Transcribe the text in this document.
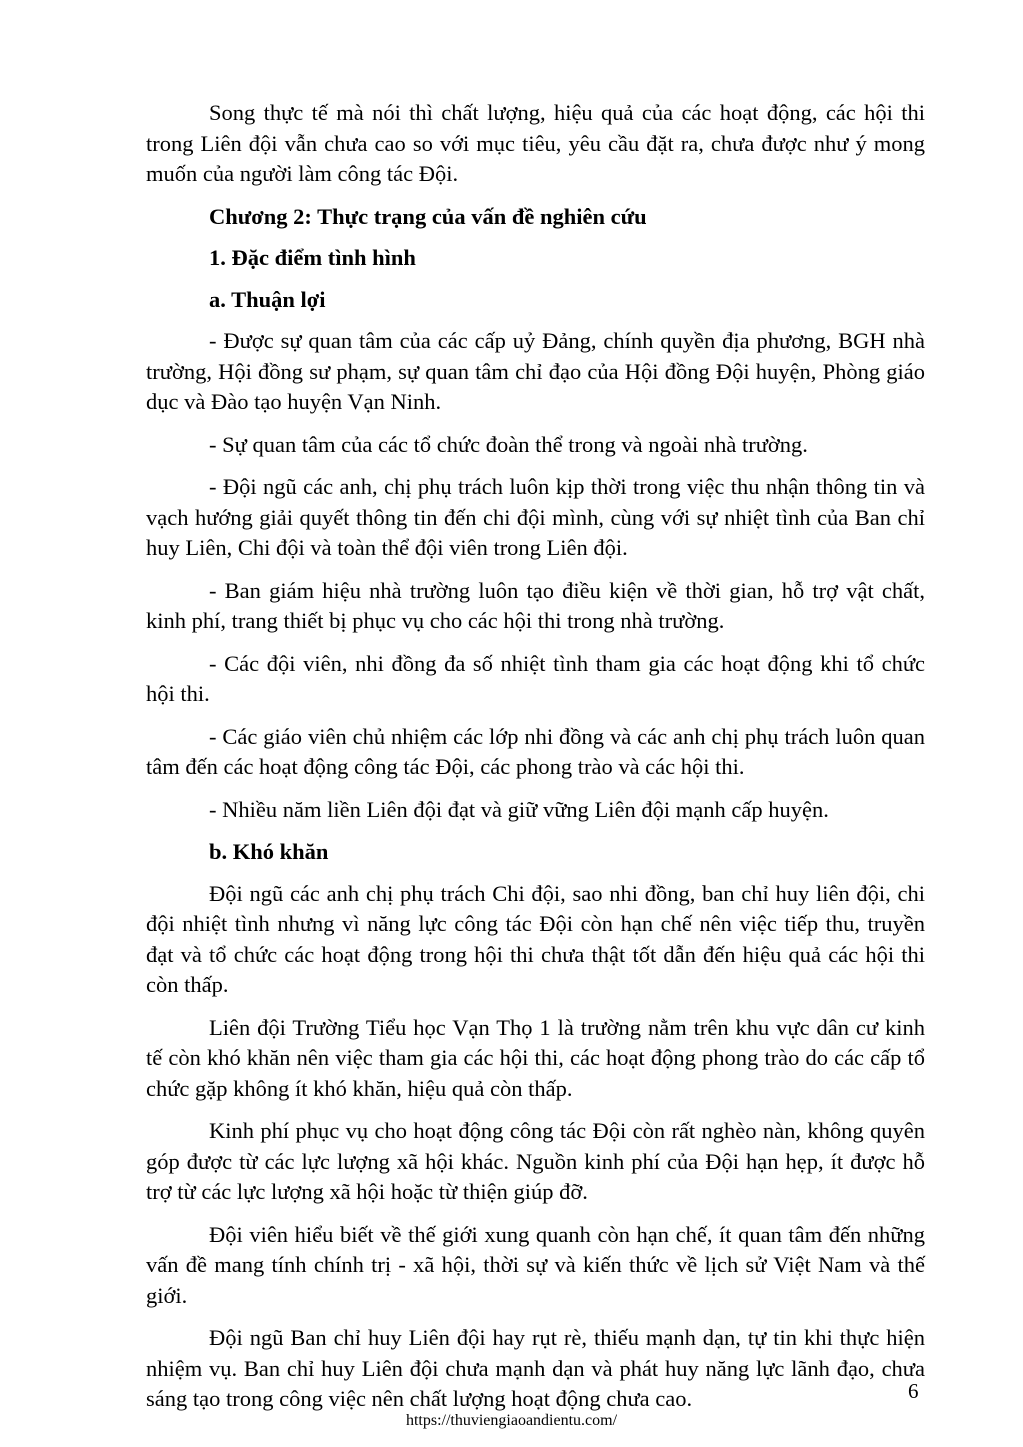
Song thực tế mà nói thì chất lượng, hiệu quả của các hoạt động, các hội thi trong Liên đội vẫn chưa cao so với mục tiêu, yêu cầu đặt ra, chưa được như ý mong muốn của người làm công tác Đội.

Chương 2: Thực trạng của vấn đề nghiên cứu

1. Đặc điểm tình hình

a. Thuận lợi

- Được sự quan tâm của các cấp uỷ Đảng, chính quyền địa phương, BGH nhà trường, Hội đồng sư phạm, sự quan tâm chỉ đạo của Hội đồng Đội huyện, Phòng giáo dục và Đào tạo huyện Vạn Ninh.

- Sự quan tâm của các tổ chức đoàn thể trong và ngoài nhà trường.

- Đội ngũ các anh, chị phụ trách luôn kịp thời trong việc thu nhận thông tin và vạch hướng giải quyết thông tin đến chi đội mình, cùng với sự nhiệt tình của Ban chỉ huy Liên, Chi đội và toàn thể đội viên trong Liên đội.

- Ban giám hiệu nhà trường luôn tạo điều kiện về thời gian, hỗ trợ vật chất, kinh phí, trang thiết bị phục vụ cho các hội thi trong nhà trường.

- Các đội viên, nhi đồng đa số nhiệt tình tham gia các hoạt động khi tổ chức hội thi.

- Các giáo viên chủ nhiệm các lớp nhi đồng và các anh chị phụ trách luôn quan tâm đến các hoạt động công tác Đội, các phong trào và các hội thi.

- Nhiều năm liền Liên đội đạt và giữ vững Liên đội mạnh cấp huyện.

b. Khó khăn

Đội ngũ các anh chị phụ trách Chi đội, sao nhi đồng, ban chỉ huy liên đội, chi đội nhiệt tình nhưng vì năng lực công tác Đội còn hạn chế nên việc tiếp thu, truyền đạt và tổ chức các hoạt động trong hội thi chưa thật tốt dẫn đến hiệu quả các hội thi còn thấp.

Liên đội Trường Tiểu học Vạn Thọ 1 là trường nằm trên khu vực dân cư kinh tế còn khó khăn nên việc tham gia các hội thi, các hoạt động phong trào do các cấp tổ chức gặp không ít khó khăn, hiệu quả còn thấp.

Kinh phí phục vụ cho hoạt động công tác Đội còn rất nghèo nàn, không quyên góp được từ các lực lượng xã hội khác. Nguồn kinh phí của Đội hạn hẹp, ít được hỗ trợ từ các lực lượng xã hội hoặc từ thiện giúp đỡ.

Đội viên hiểu biết về thế giới xung quanh còn hạn chế, ít quan tâm đến những vấn đề mang tính chính trị - xã hội, thời sự và kiến thức về lịch sử Việt Nam và thế giới.

Đội ngũ Ban chỉ huy Liên đội hay rụt rè, thiếu mạnh dạn, tự tin khi thực hiện nhiệm vụ. Ban chỉ huy Liên đội chưa mạnh dạn và phát huy năng lực lãnh đạo, chưa sáng tạo trong công việc nên chất lượng hoạt động chưa cao.	6
https://thuviengiaoandientu.com/
